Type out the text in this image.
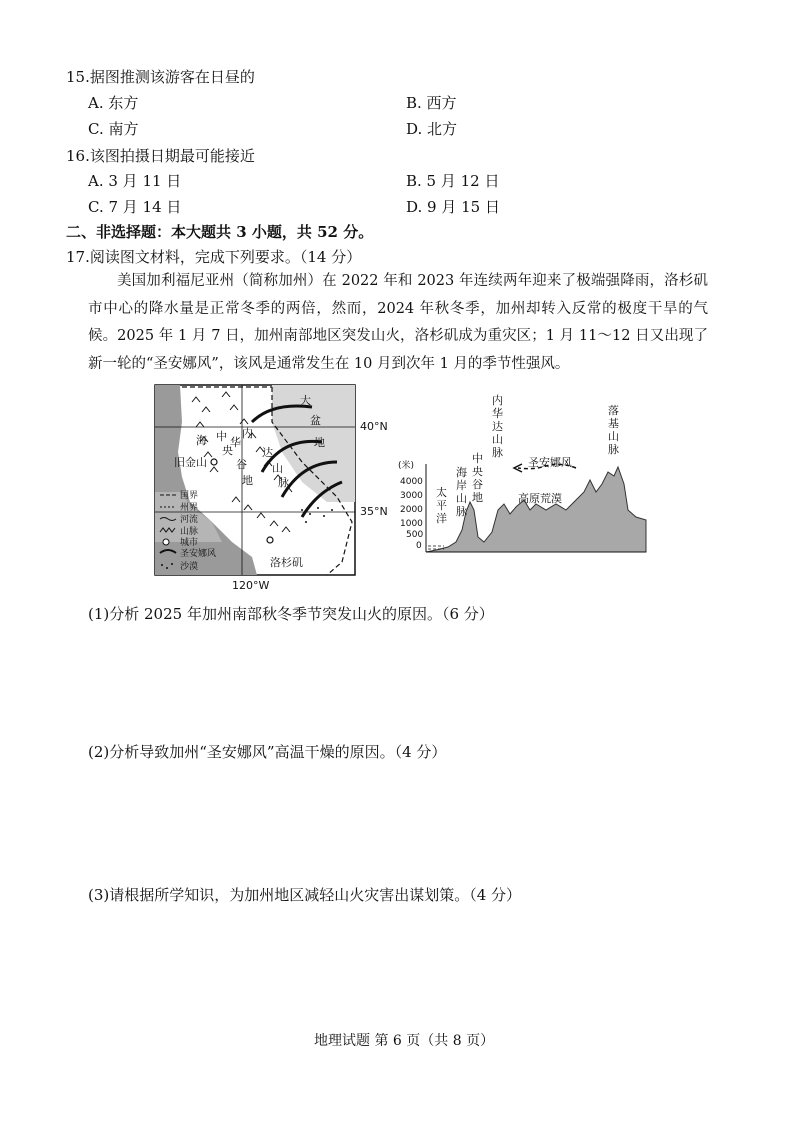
15.据图推测该游客在日昼的
A. 东方	B. 西方
C. 南方	D. 北方
16.该图拍摄日期最可能接近
A. 3 月 11 日	B. 5 月 12 日
C. 7 月 14 日	D. 9 月 15 日
二、非选择题：本大题共 3 小题，共 52 分。
17.阅读图文材料，完成下列要求。（14 分）
美国加利福尼亚州（简称加州）在 2022 年和 2023 年连续两年迎来了极端强降雨，洛杉矶市中心的降水量是正常冬季的两倍，然而，2024 年秋冬季，加州却转入反常的极度干旱的气候。2025 年 1 月 7 日，加州南部地区突发山火，洛杉矶成为重灾区；1 月 11～12 日又出现了新一轮的“圣安娜风”，该风是通常发生在 10 月到次年 1 月的季节性强风。
大
盆
地
内
华
达
山
脉
海 中
央
谷
地
旧金山
洛杉矶
国界
州界
河流
山脉
城市
圣安娜风
沙漠
40°N
35°N
120°W
(米)
4000
3000
2000
1000
500
0
太平洋
海岸山脉
中央谷地
内华达山脉
圣安娜风
高原荒漠
落基山脉
(1)分析 2025 年加州南部秋冬季节突发山火的原因。（6 分）
(2)分析导致加州“圣安娜风”高温干燥的原因。（4 分）
(3)请根据所学知识，为加州地区减轻山火灾害出谋划策。（4 分）
地理试题 第 6 页（共 8 页）
